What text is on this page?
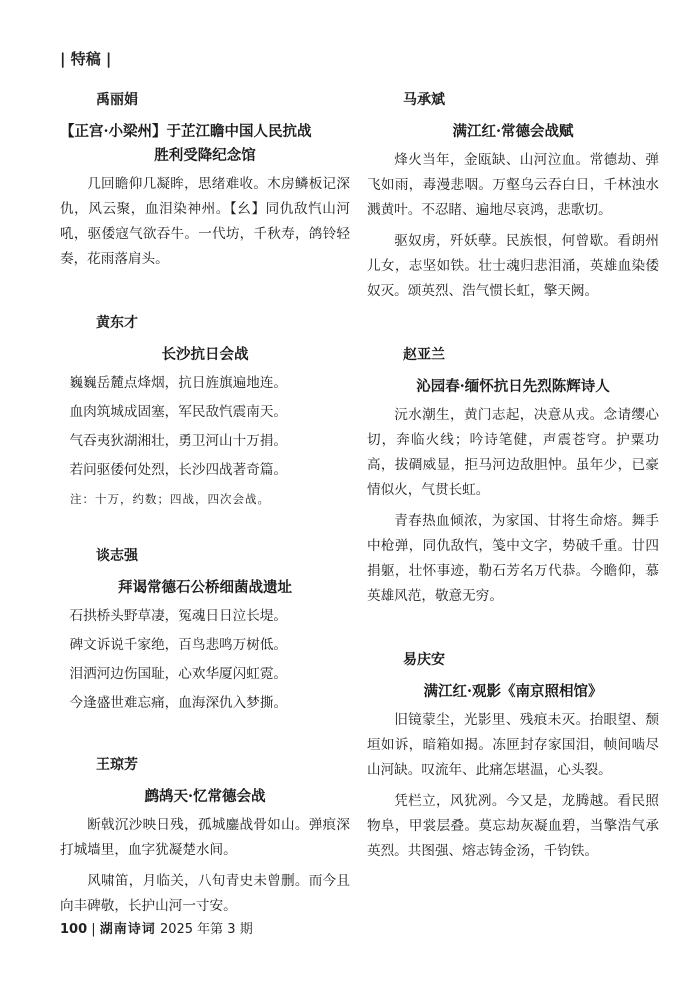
| 特稿 |
禹丽娟
【正宫·小梁州】于芷江瞻中国人民抗战
胜利受降纪念馆

几回瞻仰几凝眸，思绪难收。木房鳞板记深仇，风云聚，血泪染神州。【幺】同仇敌忾山河吼，驱倭寇气欲吞牛。一代坊，千秋寿，鸽铃轻奏，花雨落肩头。

黄东才
长沙抗日会战

巍巍岳麓点烽烟，抗日旌旗遍地连。

血肉筑城成固塞，军民敌忾震南天。

气吞夷狄湖湘壮，勇卫河山十万捐。

若问驱倭何处烈，长沙四战著奇篇。

注：十万，约数；四战，四次会战。
谈志强
拜谒常德石公桥细菌战遗址

石拱桥头野草凄，冤魂日日泣长堤。

碑文诉说千家绝，百鸟悲鸣万树低。

泪洒河边伤国耻，心欢华厦闪虹霓。

今逢盛世难忘痛，血海深仇入梦撕。

王琼芳
鹧鸪天·忆常德会战

断戟沉沙映日残，孤城鏖战骨如山。弹痕深打城墙里，血字犹凝楚水间。

风啸笛，月临关，八旬青史未曾删。而今且向丰碑敬，长护山河一寸安。

马承斌
满江红·常德会战赋

烽火当年，金瓯缺、山河泣血。常德劫、弹飞如雨，毒漫悲咽。万壑乌云吞白日，千林浊水溅黄叶。不忍睹、遍地尽哀鸿，悲歌切。

驱奴虏，歼妖孽。民族恨，何曾歇。看朗州儿女，志坚如铁。壮士魂归悲泪涌，英雄血染倭奴灭。颂英烈、浩气惯长虹，擎天阙。

赵亚兰
沁园春·缅怀抗日先烈陈辉诗人

沅水潮生，黄门志起，决意从戎。念请缨心切，奔临火线；吟诗笔健，声震苍穹。护粟功高，拔碉威显，拒马河边敌胆忡。虽年少，已豪情似火，气贯长虹。

青春热血倾浓，为家国、甘将生命熔。舞手中枪弹，同仇敌忾，笺中文字，势破千重。廿四捐躯，壮怀事迹，勒石芳名万代恭。今瞻仰，慕英雄风范，敬意无穷。

易庆安
满江红·观影《南京照相馆》

旧镜蒙尘，光影里、残痕未灭。抬眼望、颓垣如诉，暗箱如揭。冻匣封存家国泪，帧间啮尽山河缺。叹流年、此痛怎堪温，心头裂。

凭栏立，风犹冽。今又是，龙腾越。看民照物阜，甲裳层叠。莫忘劫灰凝血碧，当擎浩气承英烈。共图强、熔志铸金汤，千钧铁。

100 | 湖南诗词 2025 年第 3 期
